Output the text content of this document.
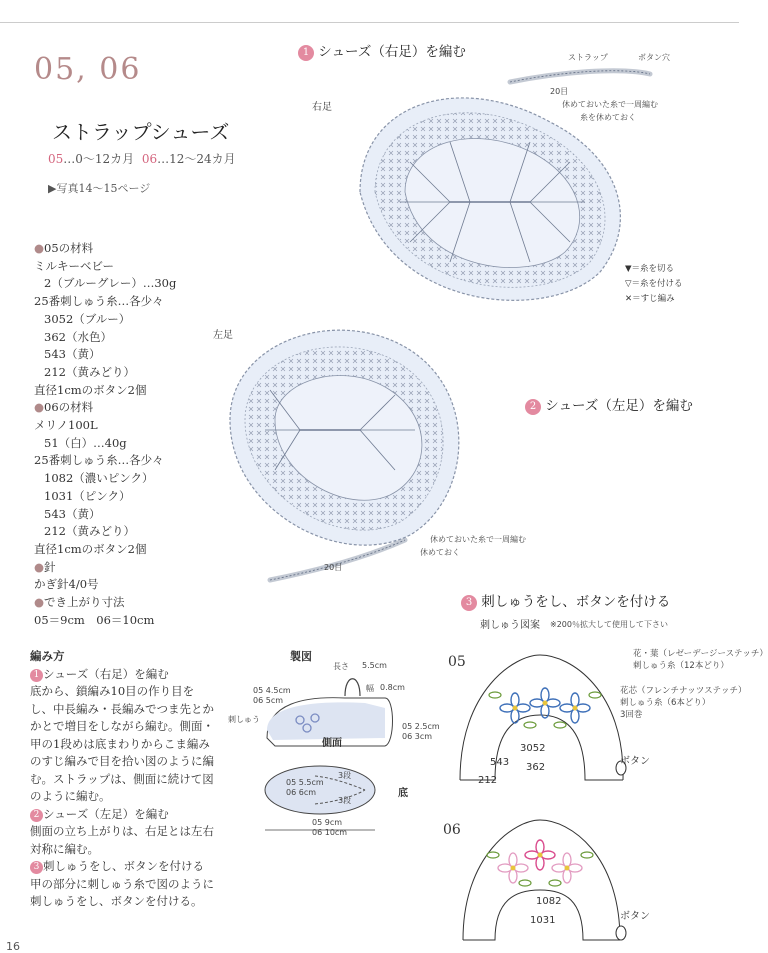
05, 06
ストラップシューズ
05…0～12カ月 06…12～24カ月
▶写真14～15ページ
● 05の材料
ミルキーベビー
2（ブルーグレー）…30g
25番刺しゅう糸…各少々
3052（ブルー）
362（水色）
543（黄）
212（黄みどり）
直径1cmのボタン2個
● 06の材料
メリノ100L
51（白）…40g
25番刺しゅう糸…各少々
1082（濃いピンク）
1031（ピンク）
543（黄）
212（黄みどり）
直径1cmのボタン2個
● 針
かぎ針4/0号
● でき上がり寸法
05＝9cm　06＝10cm
編み方
1 シューズ（右足）を編む
底から、鎖編み10目の作り目をし、中長編み・長編みでつま先とかかとで増目をしながら編む。側面・甲の1段めは底まわりからこま編みのすじ編みで目を拾い図のように編む。ストラップは、側面に続けて図のように編む。
2 シューズ（左足）を編む
側面の立ち上がりは、右足とは左右対称に編む。
3 刺しゅうをし、ボタンを付ける
甲の部分に刺しゅう糸で図のように刺しゅうをし、ボタンを付ける。
1 シューズ（右足）を編む
2 シューズ（左足）を編む
3 刺しゅうをし、ボタンを付ける
右足
ストラップ	ボタン穴
20目
休めておいた糸で一周編む
糸を休めておく
▼＝糸を切る
▽＝糸を付ける
✕＝すじ編み
左足
20目
休めておいた糸で一周編む
休めておく
製図
長さ 5.5cm
幅 0.8cm
05 4.5cm
06 5cm
刺しゅう
側面
05 2.5cm
06 3cm
05 5.5cm
06 6cm
3段
3段
底
05 9cm
06 10cm
刺しゅう図案 ※200％拡大して使用して下さい
05	花・葉（レゼーデージーステッチ）
刺しゅう糸（12本どり）
花芯（フレンチナッツステッチ）
刺しゅう糸（6本どり）
3回巻
3052
543 362
212
ボタン
06
1082
1031	ボタン
16
